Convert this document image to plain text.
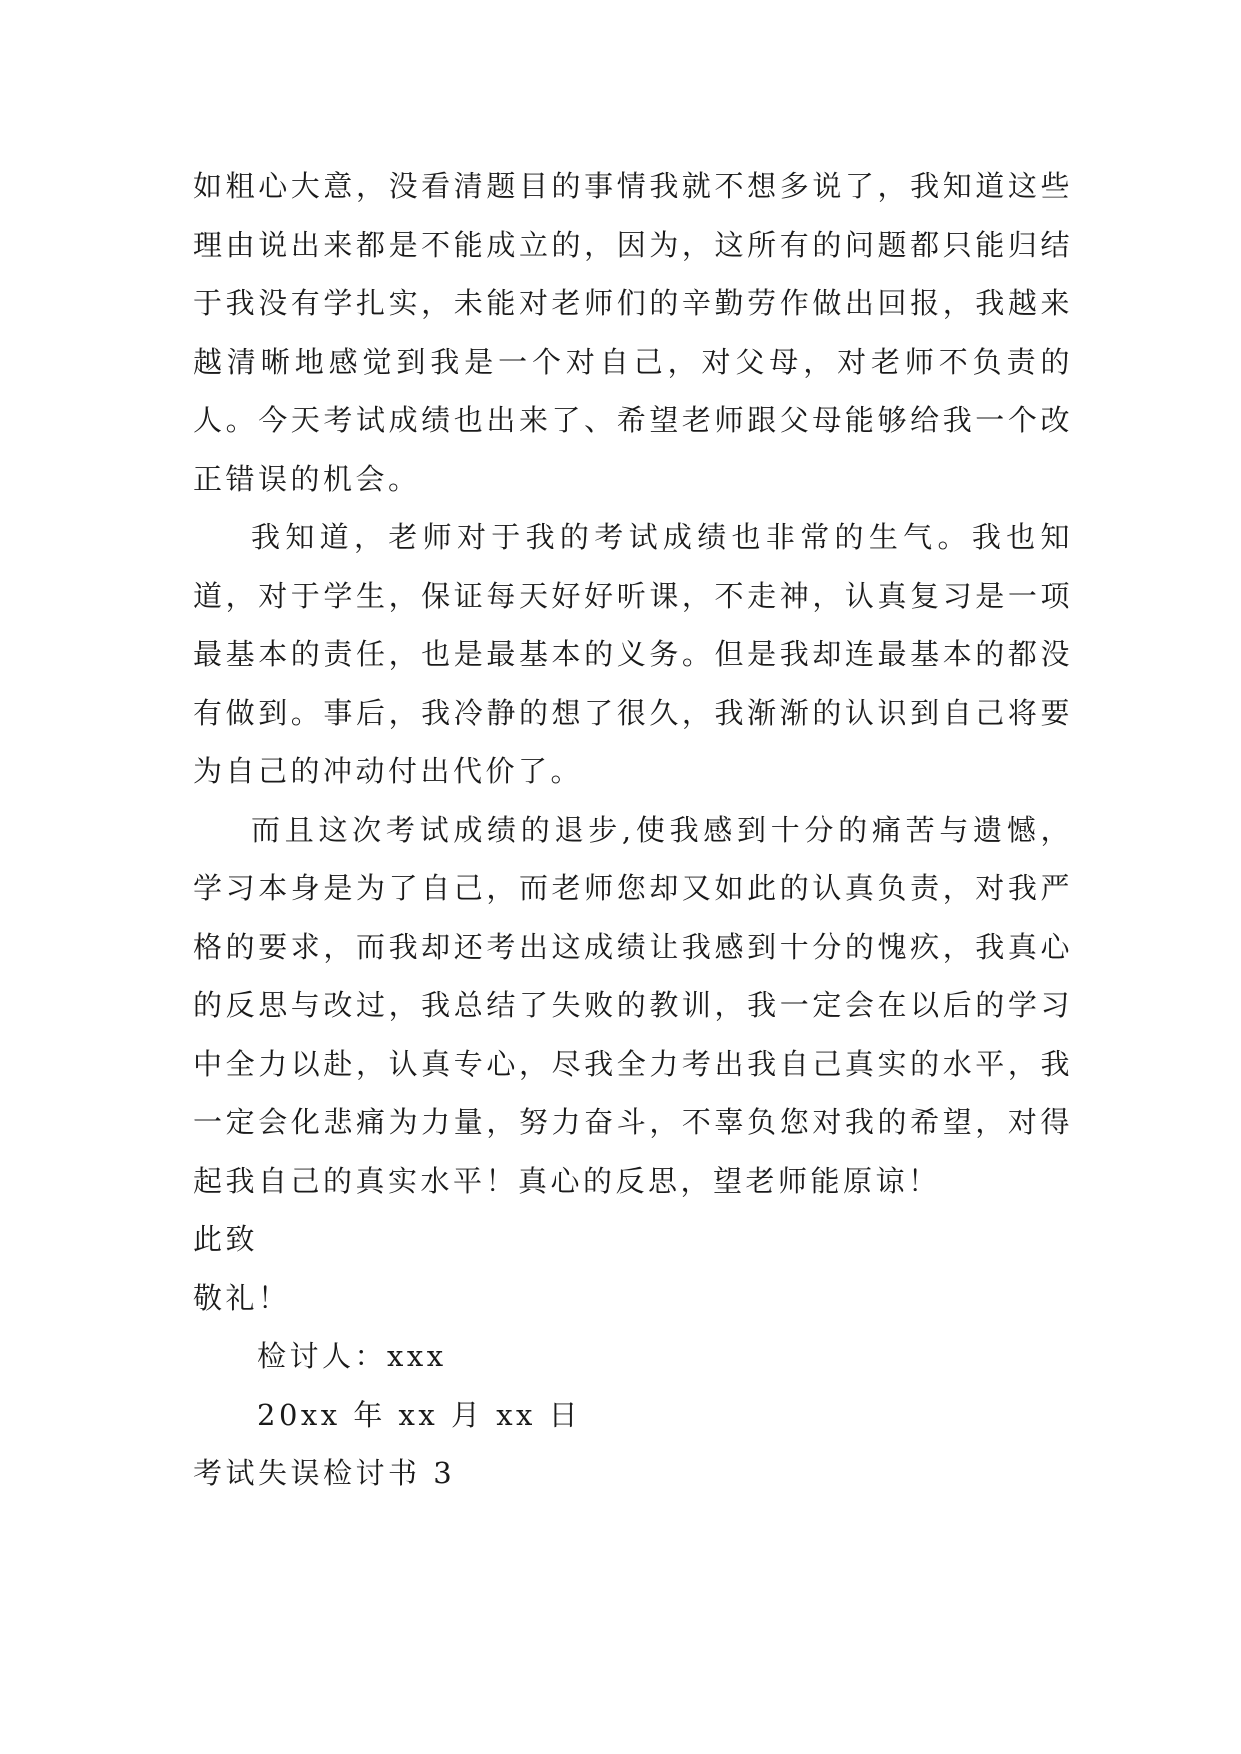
如粗心大意，没看清题目的事情我就不想多说了，我知道这些理由说出来都是不能成立的，因为，这所有的问题都只能归结于我没有学扎实，未能对老师们的辛勤劳作做出回报，我越来越清晰地感觉到我是一个对自己，对父母，对老师不负责的人。今天考试成绩也出来了、希望老师跟父母能够给我一个改正错误的机会。

我知道，老师对于我的考试成绩也非常的生气。我也知道，对于学生，保证每天好好听课，不走神，认真复习是一项最基本的责任，也是最基本的义务。但是我却连最基本的都没有做到。事后，我冷静的想了很久，我渐渐的认识到自己将要为自己的冲动付出代价了。

而且这次考试成绩的退步,使我感到十分的痛苦与遗憾，学习本身是为了自己，而老师您却又如此的认真负责，对我严格的要求，而我却还考出这成绩让我感到十分的愧疚，我真心的反思与改过，我总结了失败的教训，我一定会在以后的学习中全力以赴，认真专心，尽我全力考出我自己真实的水平，我一定会化悲痛为力量，努力奋斗，不辜负您对我的希望，对得起我自己的真实水平！真心的反思，望老师能原谅！

此致

敬礼！

检讨人：xxx

20xx 年 xx 月 xx 日

考试失误检讨书 3
